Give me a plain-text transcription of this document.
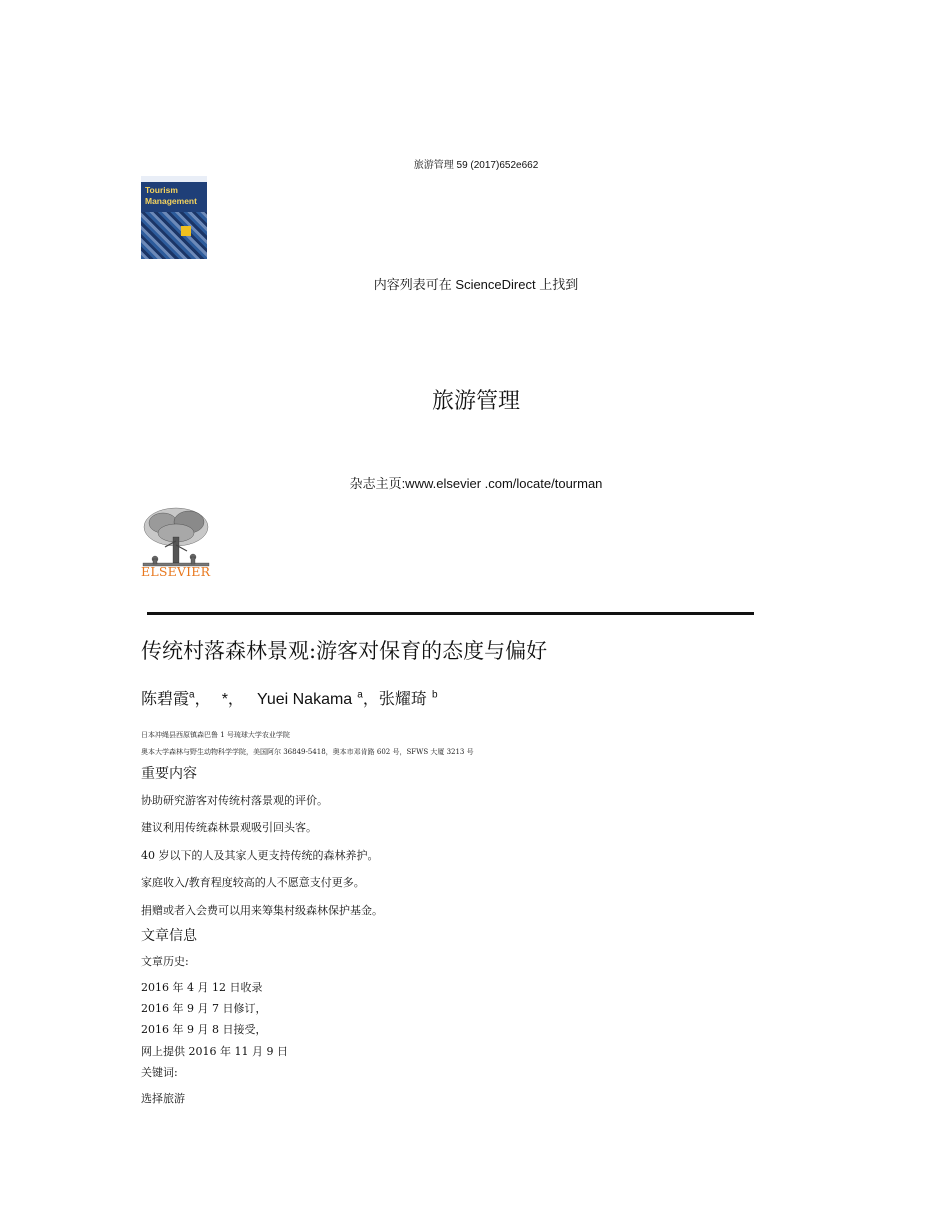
旅游管理 59 (2017)652e662
Tourism
Management
内容列表可在 ScienceDirect 上找到
旅游管理
杂志主页:www.elsevier .com/locate/tourman
ELSEVIER
传统村落森林景观:游客对保育的态度与偏好
陈碧霞$^a$， *， Yuei Nakama $^a$，张耀琦 $^b$
日本冲绳县西原镇森巴鲁 1 号琉球大学农业学院
奥本大学森林与野生动物科学学院，美国阿尔 36849-5418，奥本市邓肯路 602 号，SFWS 大厦 3213 号
重要内容
协助研究游客对传统村落景观的评价。
建议利用传统森林景观吸引回头客。
40 岁以下的人及其家人更支持传统的森林养护。
家庭收入/教育程度较高的人不愿意支付更多。
捐赠或者入会费可以用来筹集村级森林保护基金。
文章信息
文章历史:
2016 年 4 月 12 日收录
2016 年 9 月 7 日修订，
2016 年 9 月 8 日接受，
网上提供 2016 年 11 月 9 日
关键词:
选择旅游
